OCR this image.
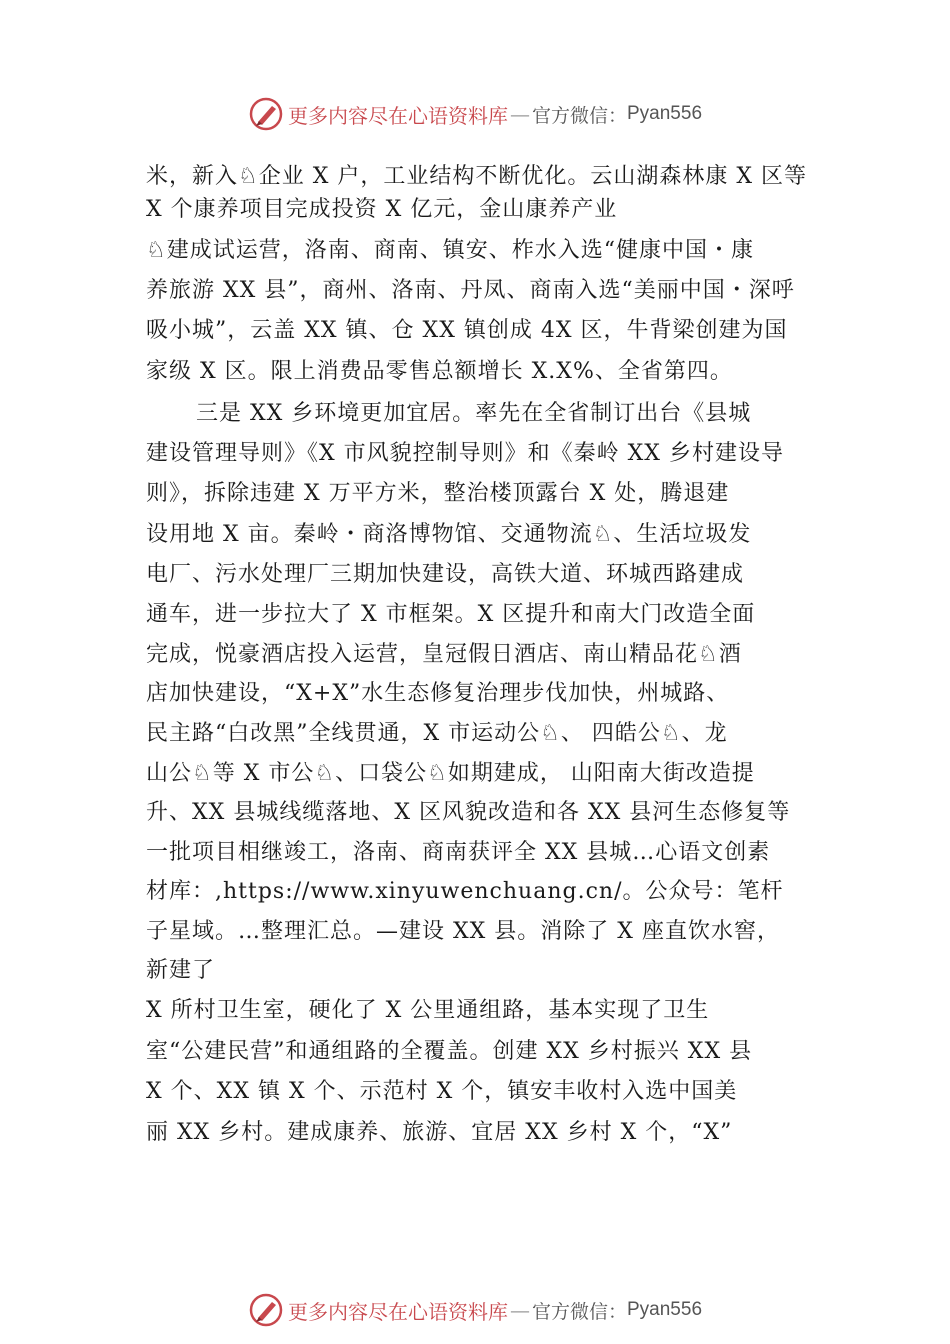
更多内容尽在心语资料库 — 官方微信： Pyan556
米，新入♘企业 X 户，工业结构不断优化。云山湖森林康 X 区等
X 个康养项目完成投资 X 亿元，金山康养产业
♘建成试运营，洛南、商南、镇安、柞水入选“健康中国・康
养旅游 XX 县”，商州、洛南、丹凤、商南入选“美丽中国・深呼
吸小城”，云盖 XX 镇、仓 XX 镇创成 4X 区，牛背梁创建为国
家级 X 区。限上消费品零售总额增长 X.X%、全省第四。
三是 XX 乡环境更加宜居。率先在全省制订出台《县城
建设管理导则》《X 市风貌控制导则》和《秦岭 XX 乡村建设导
则》，拆除违建 X 万平方米，整治楼顶露台 X 处，腾退建
设用地 X 亩。秦岭・商洛博物馆、交通物流♘、生活垃圾发
电厂、污水处理厂三期加快建设，高铁大道、环城西路建成
通车，进一步拉大了 X 市框架。X 区提升和南大门改造全面
完成，悦豪酒店投入运营，皇冠假日酒店、南山精品花♘酒
店加快建设，“X+X”水生态修复治理步伐加快，州城路、
民主路“白改黑”全线贯通，X 市运动公♘、 四皓公♘、龙
山公♘等 X 市公♘、口袋公♘如期建成， 山阳南大街改造提
升、XX 县城线缆落地、X 区风貌改造和各 XX 县河生态修复等
一批项目相继竣工，洛南、商南获评全 XX 县城…心语文创素
材库：,https://www.xinyuwenchuang.cn/。公众号：笔杆
子星域。…整理汇总。—建设 XX 县。消除了 X 座直饮水窖，
新建了
X 所村卫生室，硬化了 X 公里通组路，基本实现了卫生
室“公建民营”和通组路的全覆盖。创建 XX 乡村振兴 XX 县
X 个、XX 镇 X 个、示范村 X 个，镇安丰收村入选中国美
丽 XX 乡村。建成康养、旅游、宜居 XX 乡村 X 个，“X”
更多内容尽在心语资料库 — 官方微信： Pyan556
